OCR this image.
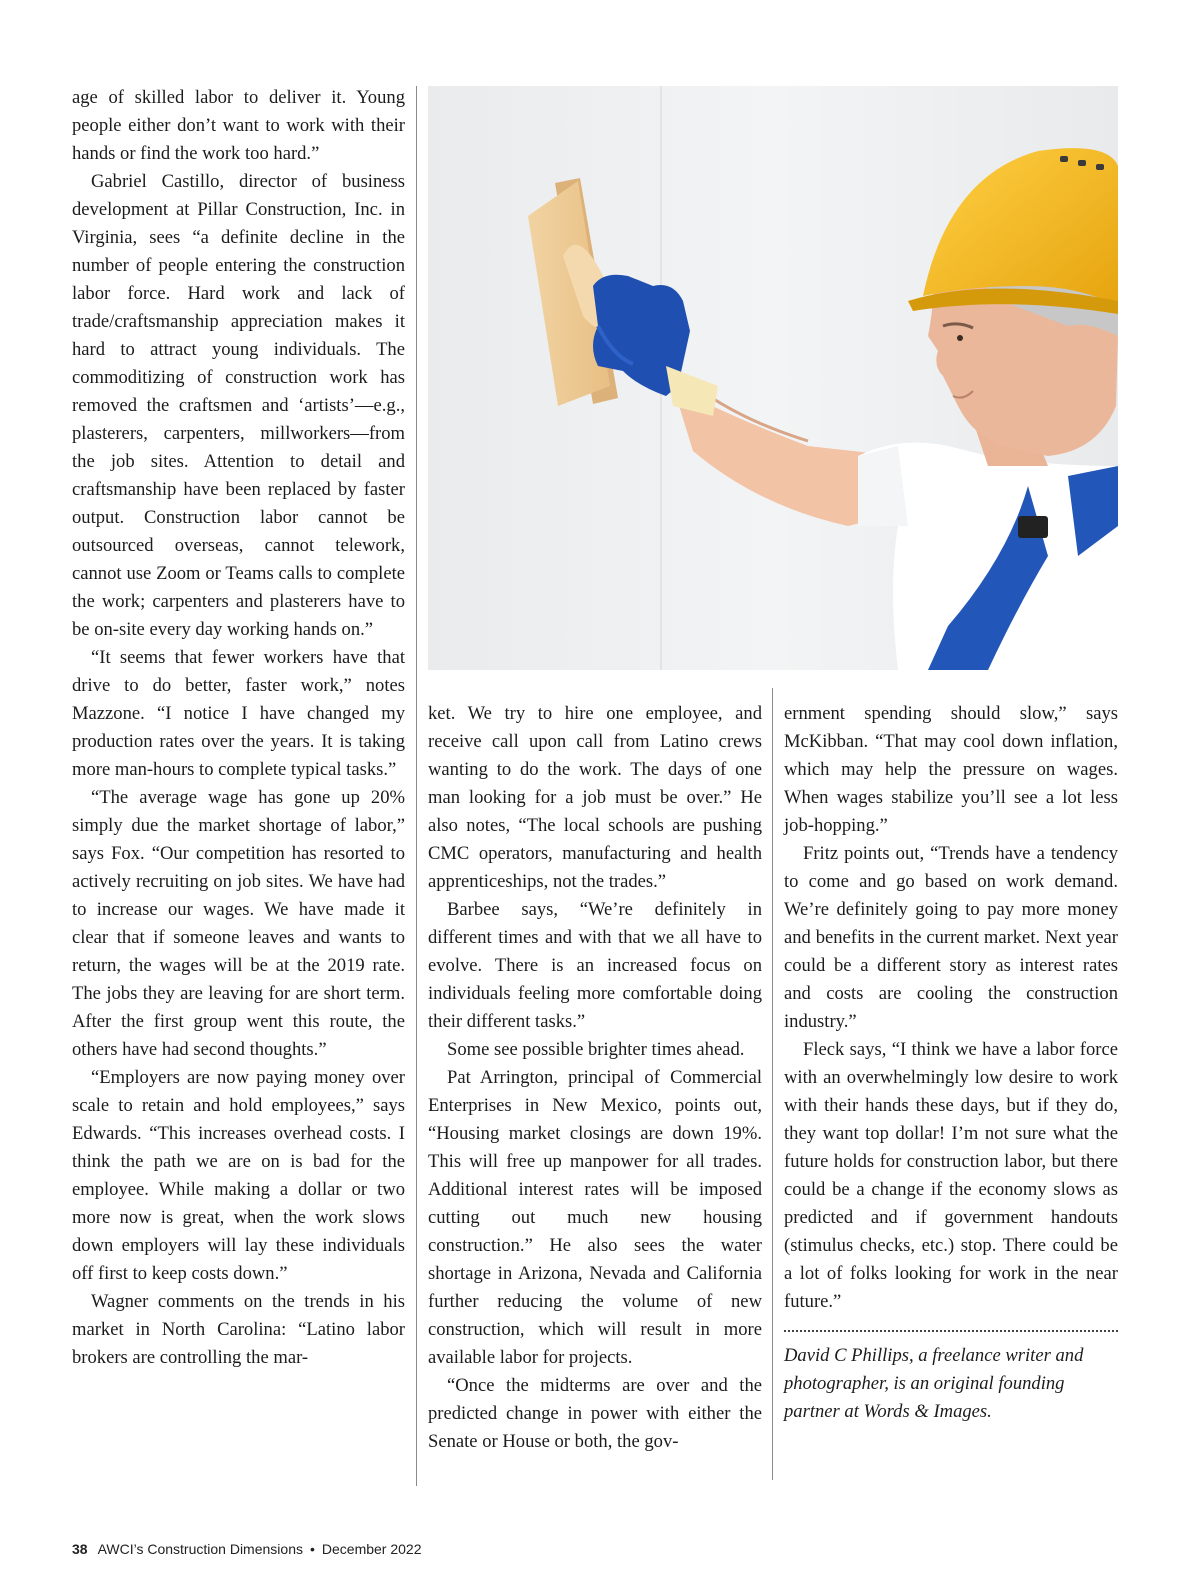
age of skilled labor to deliver it. Young people either don’t want to work with their hands or find the work too hard.”

Gabriel Castillo, director of business development at Pillar Construction, Inc. in Virginia, sees “a definite decline in the number of people entering the construction labor force. Hard work and lack of trade/craftsmanship appreciation makes it hard to attract young individuals. The commoditizing of construction work has removed the craftsmen and ‘artists’—e.g., plasterers, carpenters, millworkers—from the job sites. Attention to detail and craftsmanship have been replaced by faster output. Construction labor cannot be outsourced overseas, cannot telework, cannot use Zoom or Teams calls to complete the work; carpenters and plasterers have to be on-site every day working hands on.”

“It seems that fewer workers have that drive to do better, faster work,” notes Mazzone. “I notice I have changed my production rates over the years. It is taking more man-hours to complete typical tasks.”

“The average wage has gone up 20% simply due the market shortage of labor,” says Fox. “Our competition has resorted to actively recruiting on job sites. We have had to increase our wages. We have made it clear that if someone leaves and wants to return, the wages will be at the 2019 rate. The jobs they are leaving for are short term. After the first group went this route, the others have had second thoughts.”

“Employers are now paying money over scale to retain and hold employees,” says Edwards. “This increases overhead costs. I think the path we are on is bad for the employee. While making a dollar or two more now is great, when the work slows down employers will lay these individuals off first to keep costs down.”

Wagner comments on the trends in his market in North Carolina: “Latino labor brokers are controlling the mar-

ket. We try to hire one employee, and receive call upon call from Latino crews wanting to do the work. The days of one man looking for a job must be over.” He also notes, “The local schools are pushing CMC operators, manufacturing and health apprenticeships, not the trades.”

Barbee says, “We’re definitely in different times and with that we all have to evolve. There is an increased focus on individuals feeling more comfortable doing their different tasks.”

Some see possible brighter times ahead.

Pat Arrington, principal of Commercial Enterprises in New Mexico, points out, “Housing market closings are down 19%. This will free up manpower for all trades. Additional interest rates will be imposed cutting out much new housing construction.” He also sees the water shortage in Arizona, Nevada and California further reducing the volume of new construction, which will result in more available labor for projects.

“Once the midterms are over and the predicted change in power with either the Senate or House or both, the gov-

ernment spending should slow,” says McKibban. “That may cool down inflation, which may help the pressure on wages. When wages stabilize you’ll see a lot less job-hopping.”

Fritz points out, “Trends have a tendency to come and go based on work demand. We’re definitely going to pay more money and benefits in the current market. Next year could be a different story as interest rates and costs are cooling the construction industry.”

Fleck says, “I think we have a labor force with an overwhelmingly low desire to work with their hands these days, but if they do, they want top dollar! I’m not sure what the future holds for construction labor, but there could be a change if the economy slows as predicted and if government handouts (stimulus checks, etc.) stop. There could be a lot of folks looking for work in the near future.”

David C Phillips, a freelance writer and photographer, is an original founding partner at Words & Images.

38 AWCI’s Construction Dimensions • December 2022
